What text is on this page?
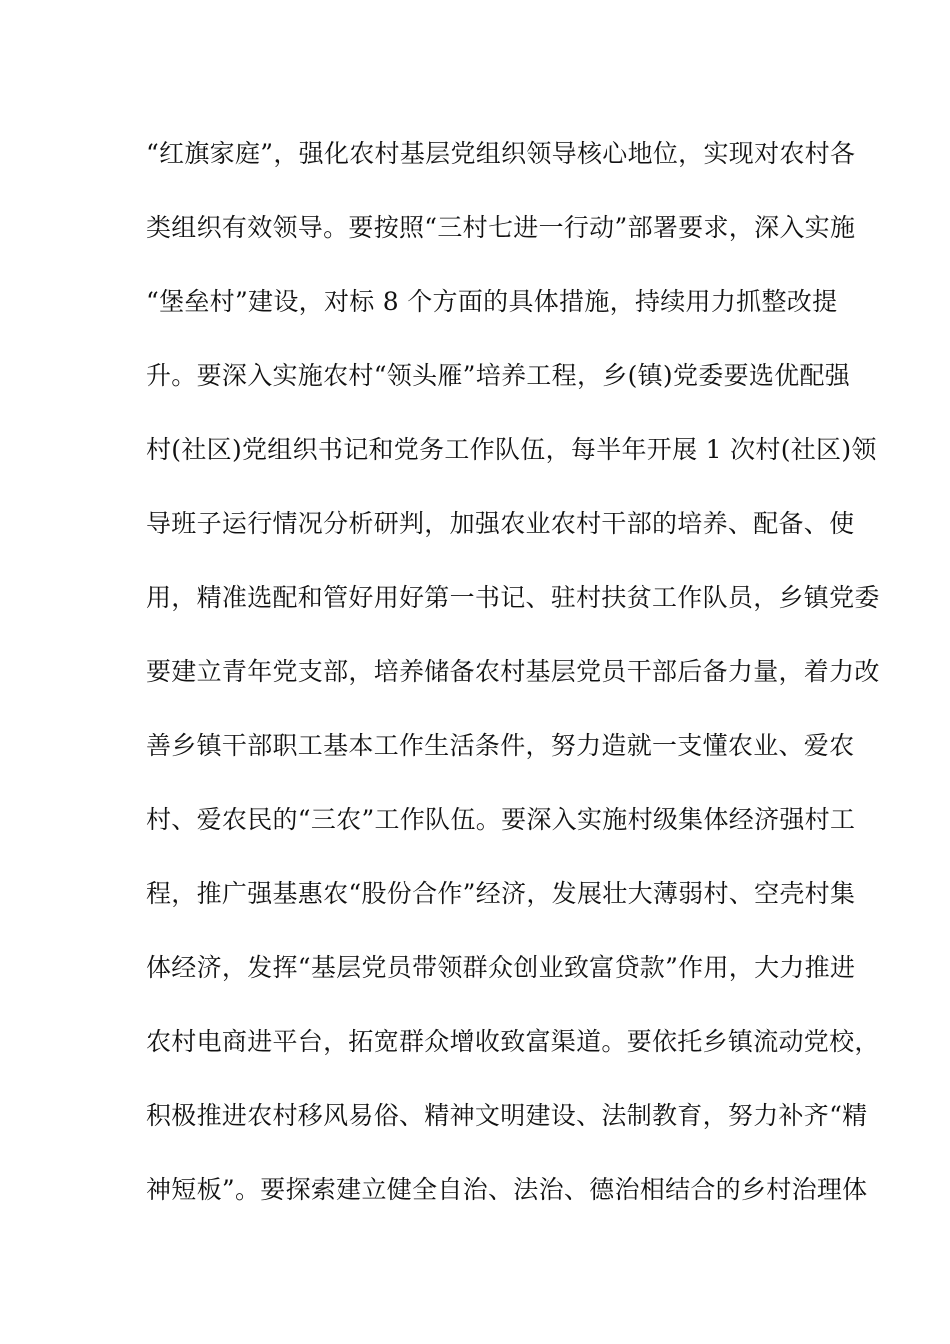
“红旗家庭”，强化农村基层党组织领导核心地位，实现对农村各
类组织有效领导。要按照“三村七进一行动”部署要求，深入实施
“堡垒村”建设，对标 8 个方面的具体措施，持续用力抓整改提
升。要深入实施农村“领头雁”培养工程，乡(镇)党委要选优配强
村(社区)党组织书记和党务工作队伍，每半年开展 1 次村(社区)领
导班子运行情况分析研判，加强农业农村干部的培养、配备、使
用，精准选配和管好用好第一书记、驻村扶贫工作队员，乡镇党委
要建立青年党支部，培养储备农村基层党员干部后备力量，着力改
善乡镇干部职工基本工作生活条件，努力造就一支懂农业、爱农
村、爱农民的“三农”工作队伍。要深入实施村级集体经济强村工
程，推广强基惠农“股份合作”经济，发展壮大薄弱村、空壳村集
体经济，发挥“基层党员带领群众创业致富贷款”作用，大力推进
农村电商进平台，拓宽群众增收致富渠道。要依托乡镇流动党校，
积极推进农村移风易俗、精神文明建设、法制教育，努力补齐“精
神短板”。要探索建立健全自治、法治、德治相结合的乡村治理体
